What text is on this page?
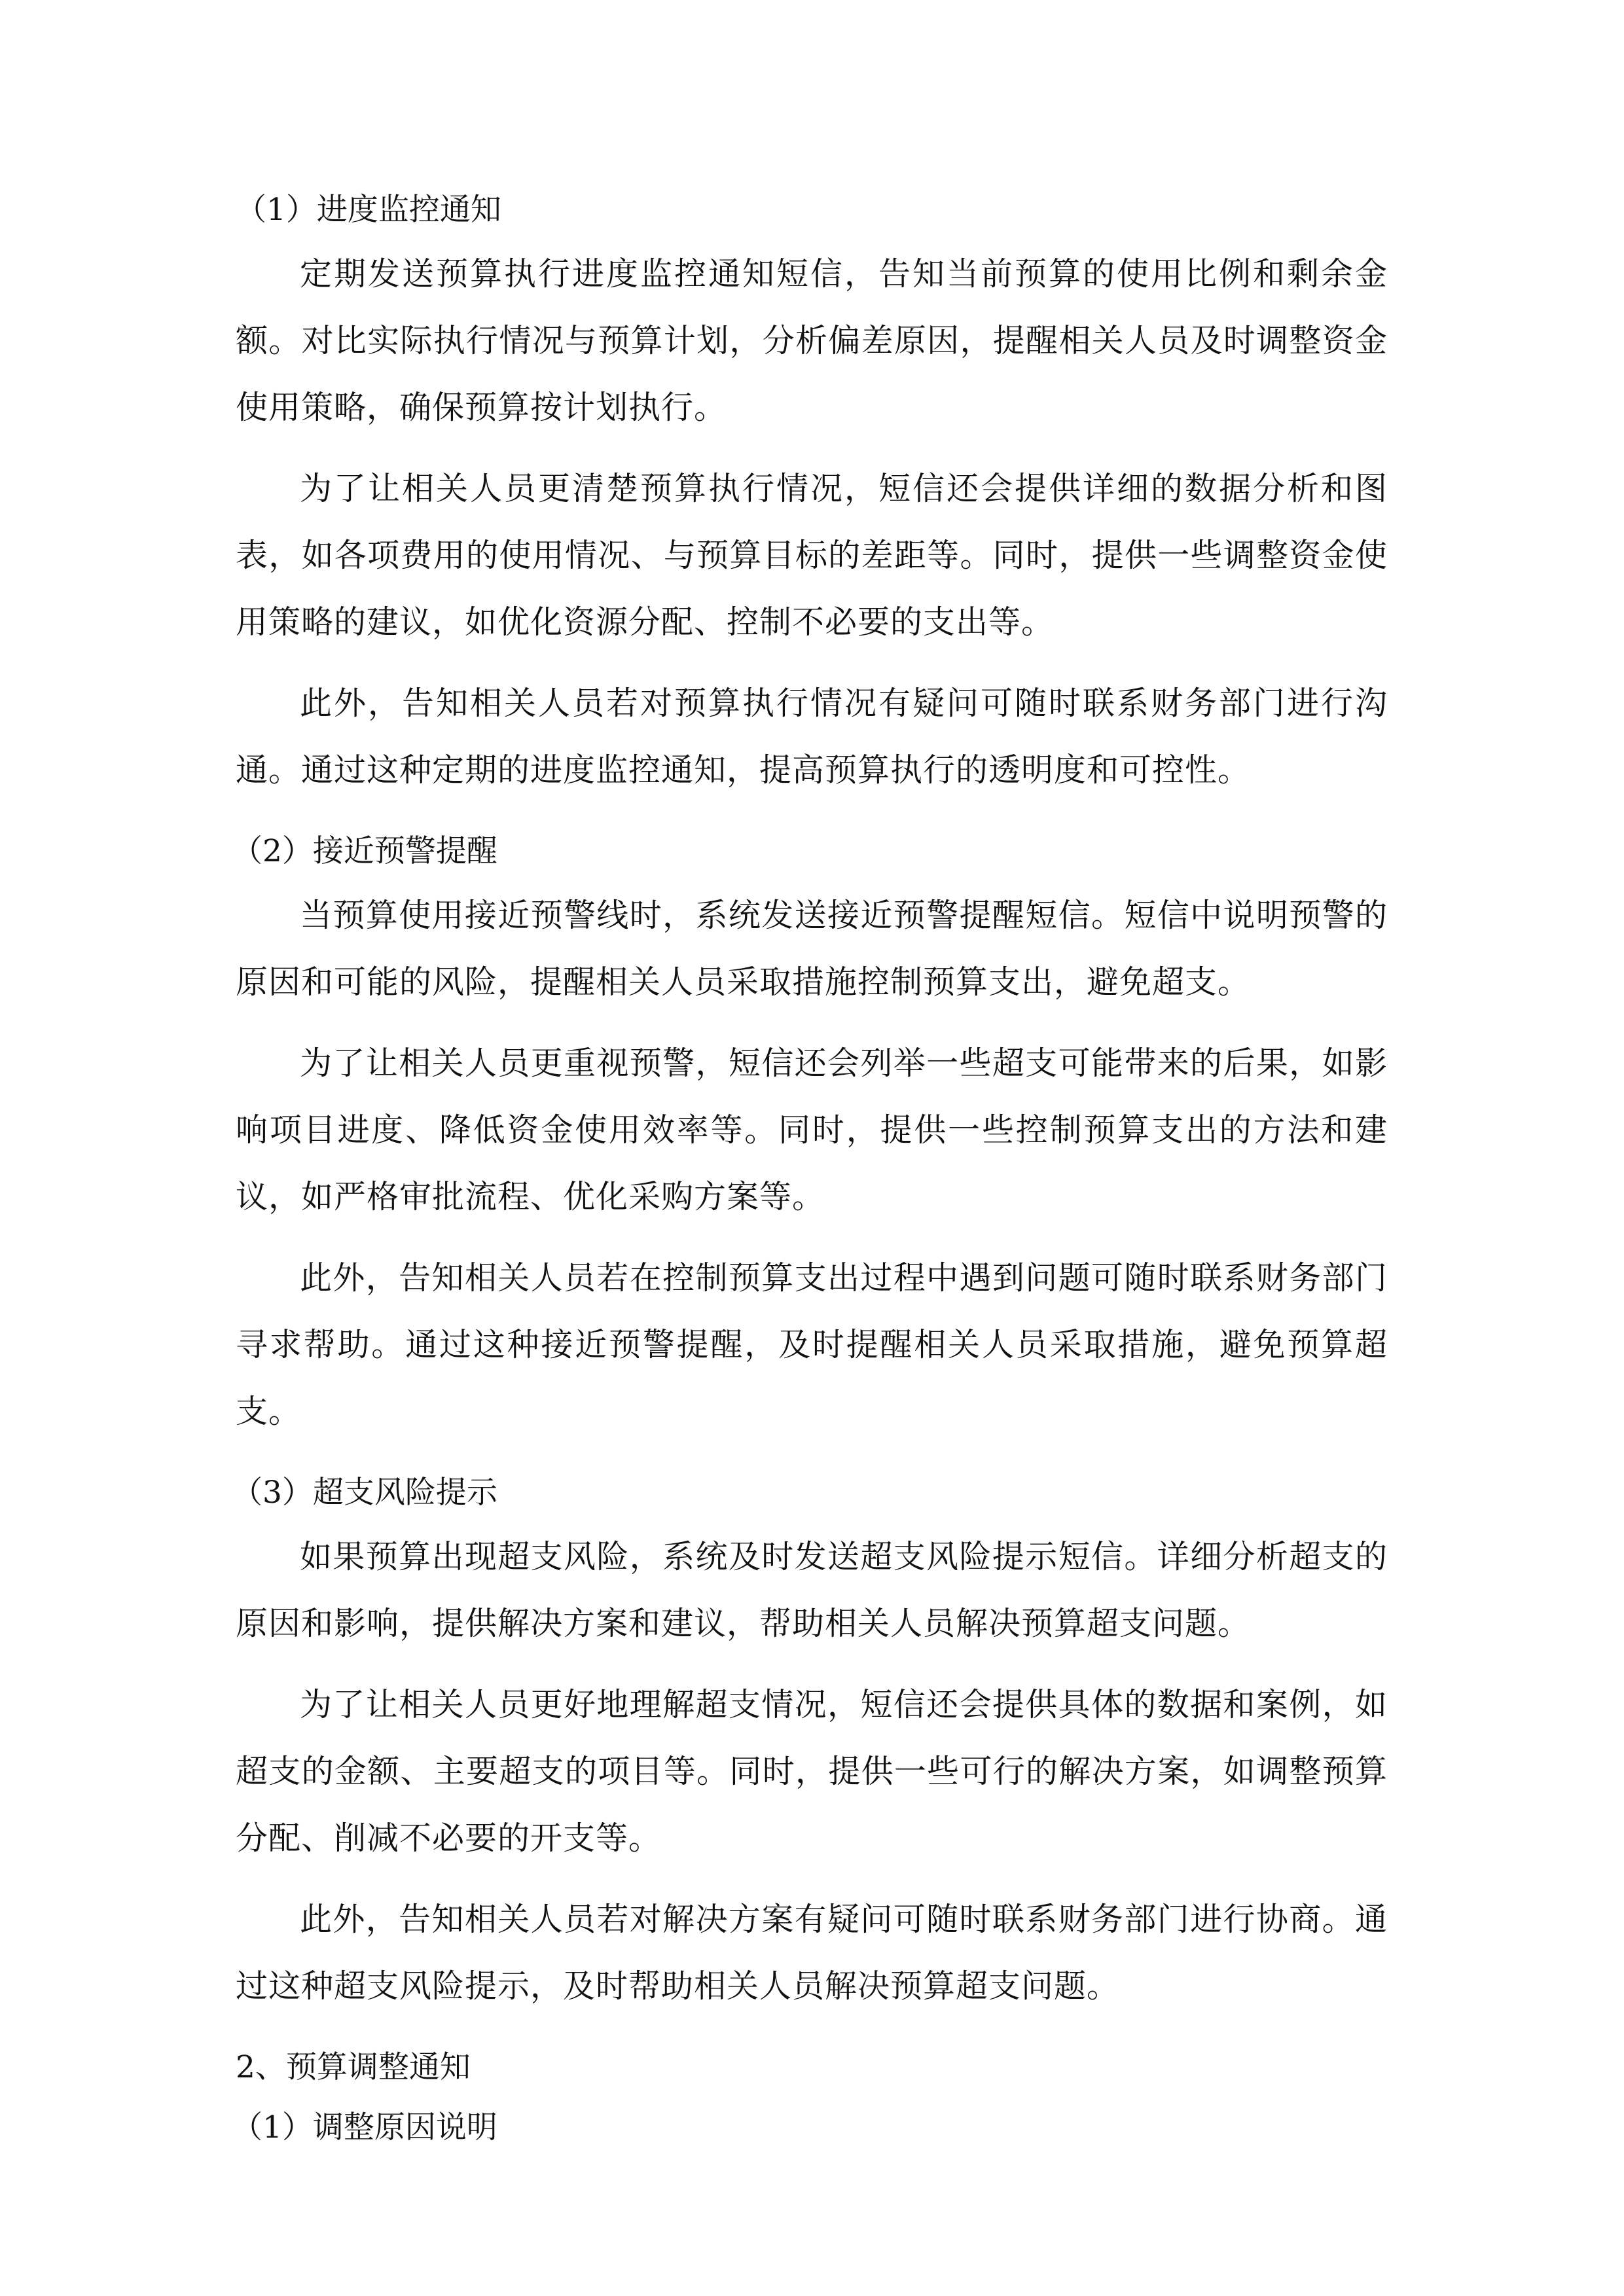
（1）进度监控通知

定期发送预算执行进度监控通知短信，告知当前预算的使用比例和剩余金额。对比实际执行情况与预算计划，分析偏差原因，提醒相关人员及时调整资金使用策略，确保预算按计划执行。

为了让相关人员更清楚预算执行情况，短信还会提供详细的数据分析和图表，如各项费用的使用情况、与预算目标的差距等。同时，提供一些调整资金使用策略的建议，如优化资源分配、控制不必要的支出等。

此外，告知相关人员若对预算执行情况有疑问可随时联系财务部门进行沟通。通过这种定期的进度监控通知，提高预算执行的透明度和可控性。

（2）接近预警提醒

当预算使用接近预警线时，系统发送接近预警提醒短信。短信中说明预警的原因和可能的风险，提醒相关人员采取措施控制预算支出，避免超支。

为了让相关人员更重视预警，短信还会列举一些超支可能带来的后果，如影响项目进度、降低资金使用效率等。同时，提供一些控制预算支出的方法和建议，如严格审批流程、优化采购方案等。

此外，告知相关人员若在控制预算支出过程中遇到问题可随时联系财务部门寻求帮助。通过这种接近预警提醒，及时提醒相关人员采取措施，避免预算超支。

（3）超支风险提示

如果预算出现超支风险，系统及时发送超支风险提示短信。详细分析超支的原因和影响，提供解决方案和建议，帮助相关人员解决预算超支问题。

为了让相关人员更好地理解超支情况，短信还会提供具体的数据和案例，如超支的金额、主要超支的项目等。同时，提供一些可行的解决方案，如调整预算分配、削减不必要的开支等。

此外，告知相关人员若对解决方案有疑问可随时联系财务部门进行协商。通过这种超支风险提示，及时帮助相关人员解决预算超支问题。

2、预算调整通知
（1）调整原因说明
